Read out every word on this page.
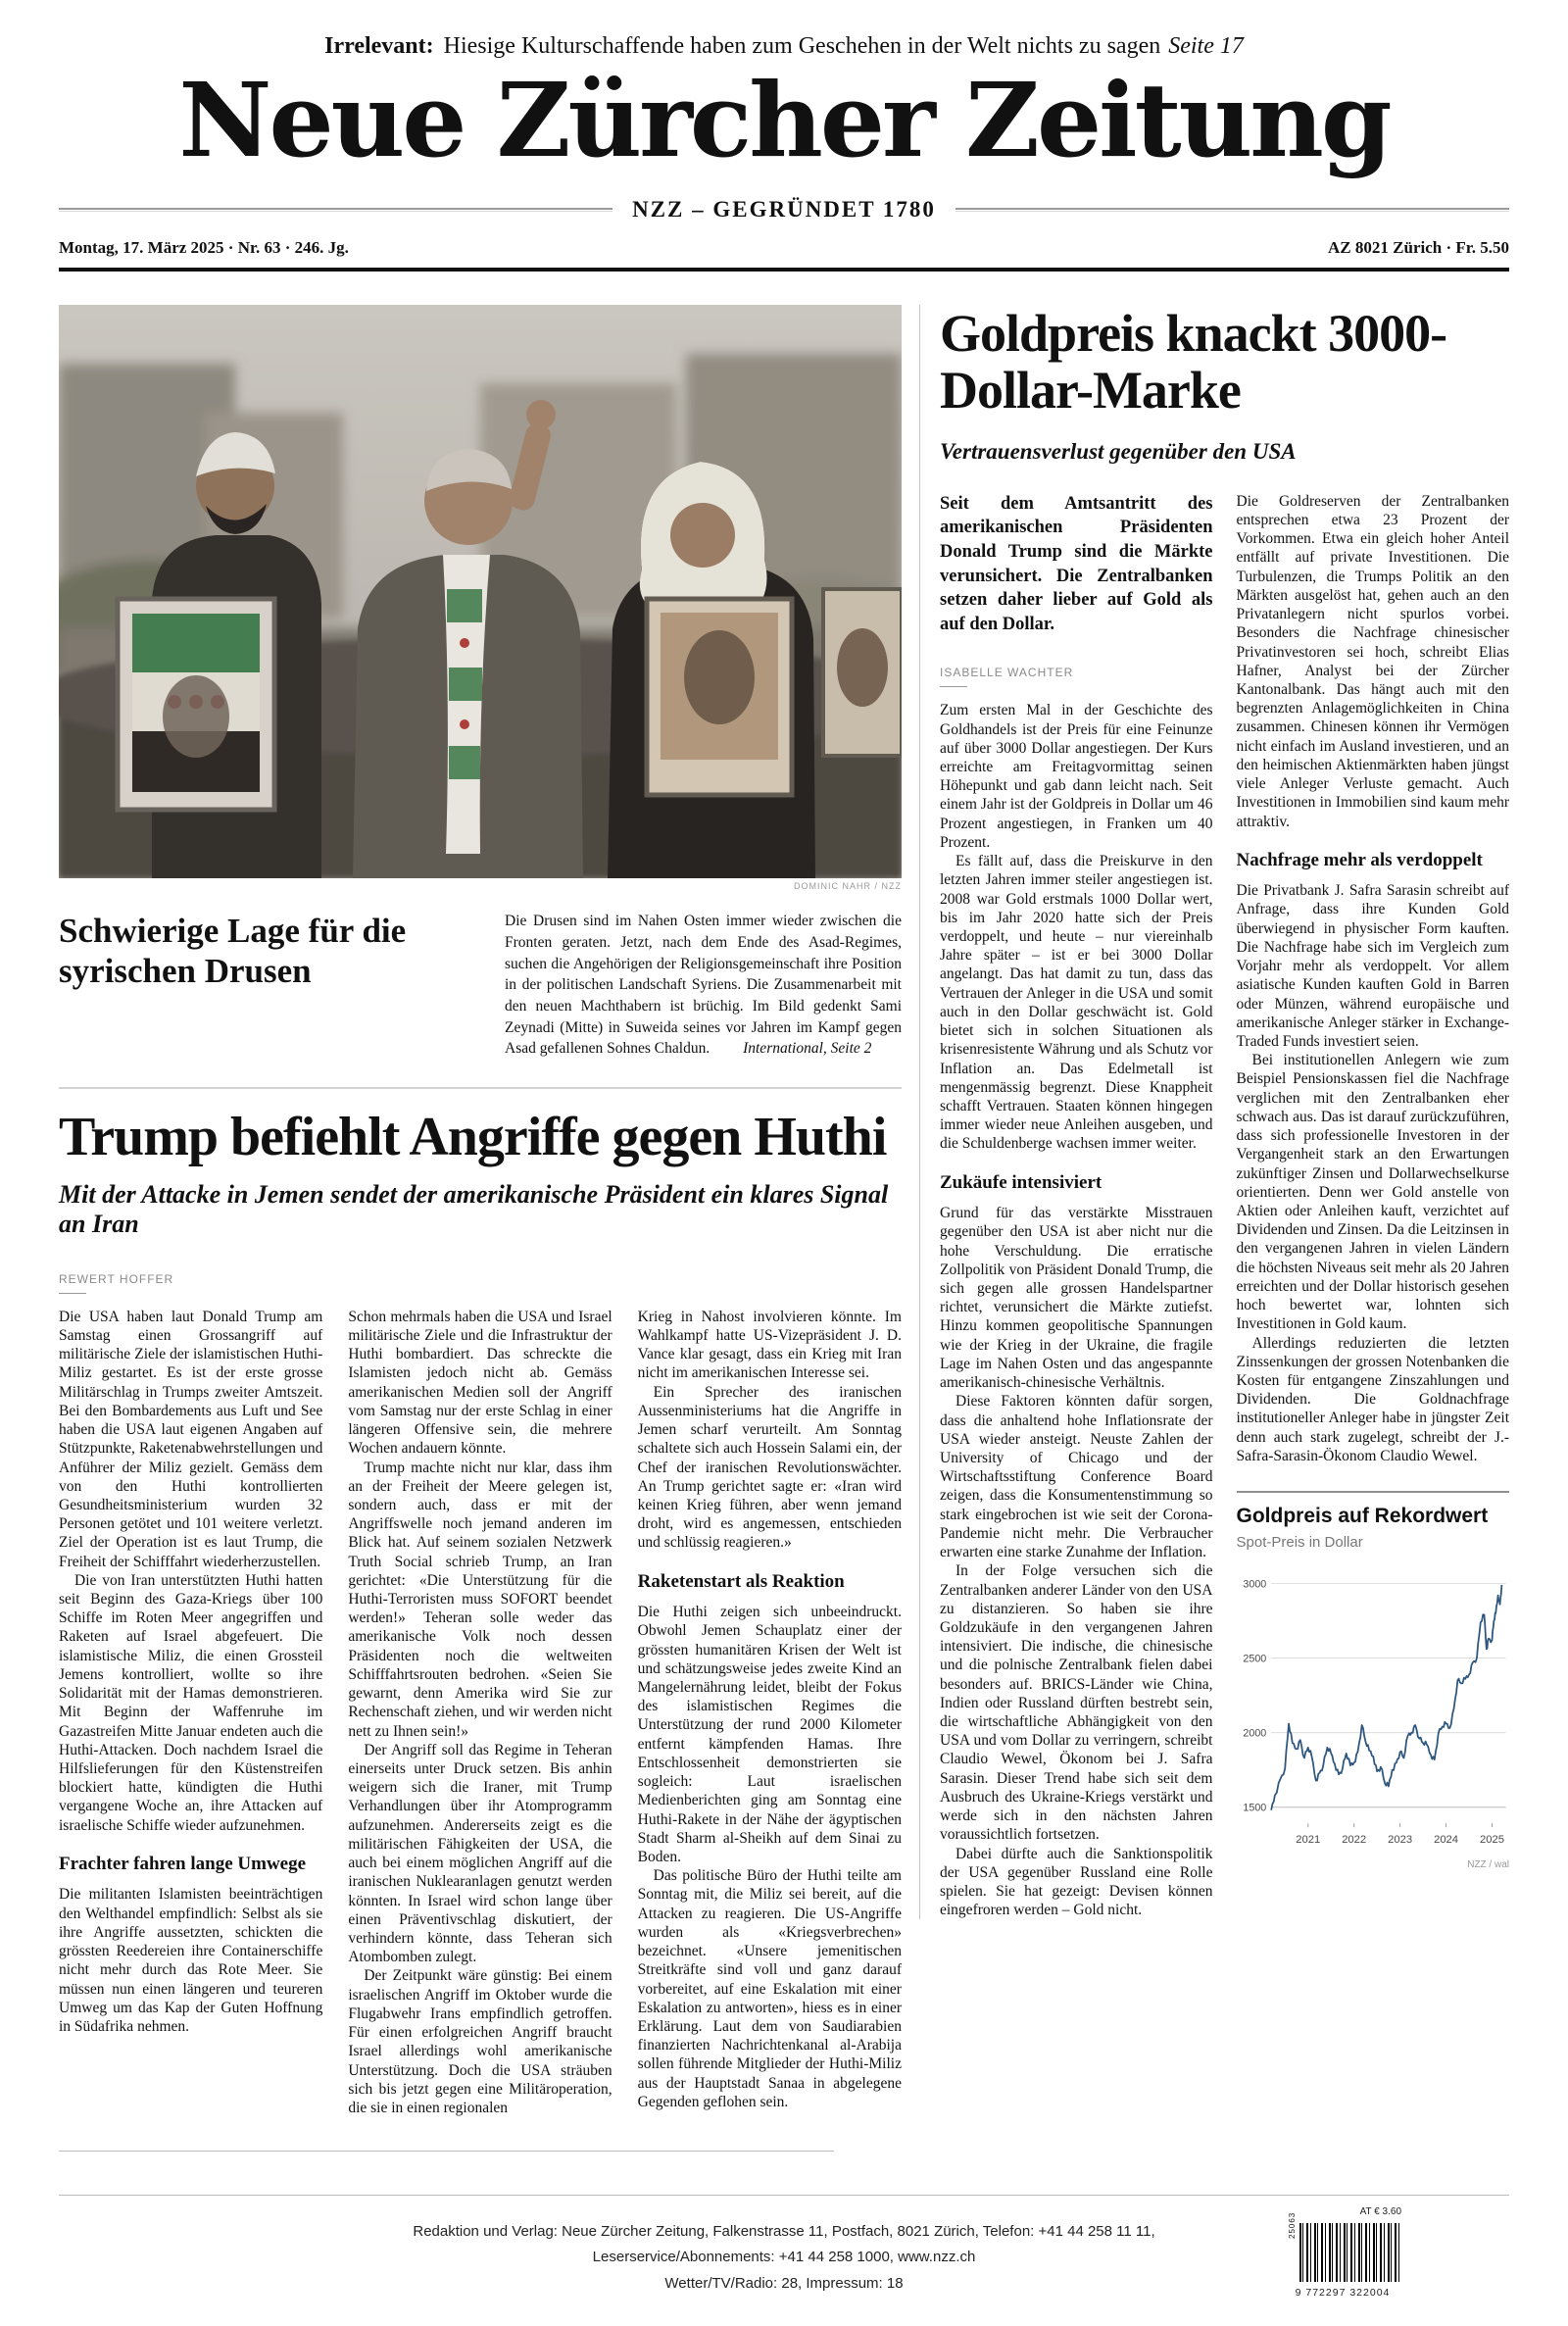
Irrelevant: Hiesige Kulturschaffende haben zum Geschehen in der Welt nichts zu sagen Seite 17
Neue Zürcher Zeitung
NZZ – GEGRÜNDET 1780
Montag, 17. März 2025 · Nr. 63 · 246. Jg.	AZ 8021 Zürich · Fr. 5.50
DOMINIC NAHR / NZZ
Schwierige Lage für die syrischen Drusen
Die Drusen sind im Nahen Osten immer wieder zwischen die Fronten geraten. Jetzt, nach dem Ende des Asad-Regimes, suchen die Angehörigen der Religionsgemeinschaft ihre Position in der politischen Landschaft Syriens. Die Zusammenarbeit mit den neuen Machthabern ist brüchig. Im Bild gedenkt Sami Zeynadi (Mitte) in Suweida seines vor Jahren im Kampf gegen Asad gefallenen Sohnes Chaldun. International, Seite 2
Trump befiehlt Angriffe gegen Huthi
Mit der Attacke in Jemen sendet der amerikanische Präsident ein klares Signal an Iran
REWERT HOFFER

Die USA haben laut Donald Trump am Samstag einen Grossangriff auf militärische Ziele der islamistischen Huthi-Miliz gestartet. Es ist der erste grosse Militärschlag in Trumps zweiter Amtszeit. Bei den Bombardements aus Luft und See haben die USA laut eigenen Angaben auf Stützpunkte, Raketenabwehrstellungen und Anführer der Miliz gezielt. Gemäss dem von den Huthi kontrollierten Gesundheitsministerium wurden 32 Personen getötet und 101 weitere verletzt. Ziel der Operation ist es laut Trump, die Freiheit der Schifffahrt wiederherzustellen.

Die von Iran unterstützten Huthi hatten seit Beginn des Gaza-Kriegs über 100 Schiffe im Roten Meer angegriffen und Raketen auf Israel abgefeuert. Die islamistische Miliz, die einen Grossteil Jemens kontrolliert, wollte so ihre Solidarität mit der Hamas demonstrieren. Mit Beginn der Waffenruhe im Gazastreifen Mitte Januar endeten auch die Huthi-Attacken. Doch nachdem Israel die Hilfslieferungen für den Küstenstreifen blockiert hatte, kündigten die Huthi vergangene Woche an, ihre Attacken auf israelische Schiffe wieder aufzunehmen.

Frachter fahren lange Umwege

Die militanten Islamisten beeinträchtigen den Welthandel empfindlich: Selbst als sie ihre Angriffe aussetzten, schickten die grössten Reedereien ihre Containerschiffe nicht mehr durch das Rote Meer. Sie müssen nun einen längeren und teureren Umweg um das Kap der Guten Hoffnung in Südafrika nehmen.

Schon mehrmals haben die USA und Israel militärische Ziele und die Infrastruktur der Huthi bombardiert. Das schreckte die Islamisten jedoch nicht ab. Gemäss amerikanischen Medien soll der Angriff vom Samstag nur der erste Schlag in einer längeren Offensive sein, die mehrere Wochen andauern könnte.

Trump machte nicht nur klar, dass ihm an der Freiheit der Meere gelegen ist, sondern auch, dass er mit der Angriffswelle noch jemand anderen im Blick hat. Auf seinem sozialen Netzwerk Truth Social schrieb Trump, an Iran gerichtet: «Die Unterstützung für die Huthi-Terroristen muss SOFORT beendet werden!» Teheran solle weder das amerikanische Volk noch dessen Präsidenten noch die weltweiten Schifffahrtsrouten bedrohen. «Seien Sie gewarnt, denn Amerika wird Sie zur Rechenschaft ziehen, und wir werden nicht nett zu Ihnen sein!»

Der Angriff soll das Regime in Teheran einerseits unter Druck setzen. Bis anhin weigern sich die Iraner, mit Trump Verhandlungen über ihr Atomprogramm aufzunehmen. Andererseits zeigt es die militärischen Fähigkeiten der USA, die auch bei einem möglichen Angriff auf die iranischen Nuklearanlagen genutzt werden könnten. In Israel wird schon lange über einen Präventivschlag diskutiert, der verhindern könnte, dass Teheran sich Atombomben zulegt.

Der Zeitpunkt wäre günstig: Bei einem israelischen Angriff im Oktober wurde die Flugabwehr Irans empfindlich getroffen. Für einen erfolgreichen Angriff braucht Israel allerdings wohl amerikanische Unterstützung. Doch die USA sträuben sich bis jetzt gegen eine Militäroperation, die sie in einen regionalen

Krieg in Nahost involvieren könnte. Im Wahlkampf hatte US-Vizepräsident J. D. Vance klar gesagt, dass ein Krieg mit Iran nicht im amerikanischen Interesse sei.

Ein Sprecher des iranischen Aussenministeriums hat die Angriffe in Jemen scharf verurteilt. Am Sonntag schaltete sich auch Hossein Salami ein, der Chef der iranischen Revolutionswächter. An Trump gerichtet sagte er: «Iran wird keinen Krieg führen, aber wenn jemand droht, wird es angemessen, entschieden und schlüssig reagieren.»

Raketenstart als Reaktion

Die Huthi zeigen sich unbeeindruckt. Obwohl Jemen Schauplatz einer der grössten humanitären Krisen der Welt ist und schätzungsweise jedes zweite Kind an Mangelernährung leidet, bleibt der Fokus des islamistischen Regimes die Unterstützung der rund 2000 Kilometer entfernt kämpfenden Hamas. Ihre Entschlossenheit demonstrierten sie sogleich: Laut israelischen Medienberichten ging am Sonntag eine Huthi-Rakete in der Nähe der ägyptischen Stadt Sharm al-Sheikh auf dem Sinai zu Boden.

Das politische Büro der Huthi teilte am Sonntag mit, die Miliz sei bereit, auf die Attacken zu reagieren. Die US-Angriffe wurden als «Kriegsverbrechen» bezeichnet. «Unsere jemenitischen Streitkräfte sind voll und ganz darauf vorbereitet, auf eine Eskalation mit einer Eskalation zu antworten», hiess es in einer Erklärung. Laut dem von Saudiarabien finanzierten Nachrichtenkanal al-Arabija sollen führende Mitglieder der Huthi-Miliz aus der Hauptstadt Sanaa in abgelegene Gegenden geflohen sein.

Goldpreis knackt 3000-Dollar-Marke
Vertrauensverlust gegenüber den USA
Seit dem Amtsantritt des amerikanischen Präsidenten Donald Trump sind die Märkte verunsichert. Die Zentralbanken setzen daher lieber auf Gold als auf den Dollar.
ISABELLE WACHTER

Zum ersten Mal in der Geschichte des Goldhandels ist der Preis für eine Feinunze auf über 3000 Dollar angestiegen. Der Kurs erreichte am Freitagvormittag seinen Höhepunkt und gab dann leicht nach. Seit einem Jahr ist der Goldpreis in Dollar um 46 Prozent angestiegen, in Franken um 40 Prozent.

Es fällt auf, dass die Preiskurve in den letzten Jahren immer steiler angestiegen ist. 2008 war Gold erstmals 1000 Dollar wert, bis im Jahr 2020 hatte sich der Preis verdoppelt, und heute – nur viereinhalb Jahre später – ist er bei 3000 Dollar angelangt. Das hat damit zu tun, dass das Vertrauen der Anleger in die USA und somit auch in den Dollar geschwächt ist. Gold bietet sich in solchen Situationen als krisenresistente Währung und als Schutz vor Inflation an. Das Edelmetall ist mengenmässig begrenzt. Diese Knappheit schafft Vertrauen. Staaten können hingegen immer wieder neue Anleihen ausgeben, und die Schuldenberge wachsen immer weiter.

Zukäufe intensiviert

Grund für das verstärkte Misstrauen gegenüber den USA ist aber nicht nur die hohe Verschuldung. Die erratische Zollpolitik von Präsident Donald Trump, die sich gegen alle grossen Handelspartner richtet, verunsichert die Märkte zutiefst. Hinzu kommen geopolitische Spannungen wie der Krieg in der Ukraine, die fragile Lage im Nahen Osten und das angespannte amerikanisch-chinesische Verhältnis.

Diese Faktoren könnten dafür sorgen, dass die anhaltend hohe Inflationsrate der USA wieder ansteigt. Neuste Zahlen der University of Chicago und der Wirtschaftsstiftung Conference Board zeigen, dass die Konsumentenstimmung so stark eingebrochen ist wie seit der Corona-Pandemie nicht mehr. Die Verbraucher erwarten eine starke Zunahme der Inflation.

In der Folge versuchen sich die Zentralbanken anderer Länder von den USA zu distanzieren. So haben sie ihre Goldzukäufe in den vergangenen Jahren intensiviert. Die indische, die chinesische und die polnische Zentralbank fielen dabei besonders auf. BRICS-Länder wie China, Indien oder Russland dürften bestrebt sein, die wirtschaftliche Abhängigkeit von den USA und vom Dollar zu verringern, schreibt Claudio Wewel, Ökonom bei J. Safra Sarasin. Dieser Trend habe sich seit dem Ausbruch des Ukraine-Kriegs verstärkt und werde sich in den nächsten Jahren voraussichtlich fortsetzen.

Dabei dürfte auch die Sanktionspolitik der USA gegenüber Russland eine Rolle spielen. Sie hat gezeigt: Devisen können eingefroren werden – Gold nicht.

Die Goldreserven der Zentralbanken entsprechen etwa 23 Prozent der Vorkommen. Etwa ein gleich hoher Anteil entfällt auf private Investitionen. Die Turbulenzen, die Trumps Politik an den Märkten ausgelöst hat, gehen auch an den Privatanlegern nicht spurlos vorbei. Besonders die Nachfrage chinesischer Privatinvestoren sei hoch, schreibt Elias Hafner, Analyst bei der Zürcher Kantonalbank. Das hängt auch mit den begrenzten Anlagemöglichkeiten in China zusammen. Chinesen können ihr Vermögen nicht einfach im Ausland investieren, und an den heimischen Aktienmärkten haben jüngst viele Anleger Verluste gemacht. Auch Investitionen in Immobilien sind kaum mehr attraktiv.

Nachfrage mehr als verdoppelt

Die Privatbank J. Safra Sarasin schreibt auf Anfrage, dass ihre Kunden Gold überwiegend in physischer Form kauften. Die Nachfrage habe sich im Vergleich zum Vorjahr mehr als verdoppelt. Vor allem asiatische Kunden kauften Gold in Barren oder Münzen, während europäische und amerikanische Anleger stärker in Exchange-Traded Funds investiert seien.

Bei institutionellen Anlegern wie zum Beispiel Pensionskassen fiel die Nachfrage verglichen mit den Zentralbanken eher schwach aus. Das ist darauf zurückzuführen, dass sich professionelle Investoren in der Vergangenheit stark an den Erwartungen zukünftiger Zinsen und Dollarwechselkurse orientierten. Denn wer Gold anstelle von Aktien oder Anleihen kauft, verzichtet auf Dividenden und Zinsen. Da die Leitzinsen in den vergangenen Jahren in vielen Ländern die höchsten Niveaus seit mehr als 20 Jahren erreichten und der Dollar historisch gesehen hoch bewertet war, lohnten sich Investitionen in Gold kaum.

Allerdings reduzierten die letzten Zinssenkungen der grossen Notenbanken die Kosten für entgangene Zinszahlungen und Dividenden. Die Goldnachfrage institutioneller Anleger habe in jüngster Zeit denn auch stark zugelegt, schreibt der J.-Safra-Sarasin-Ökonom Claudio Wewel.

Goldpreis auf Rekordwert
Spot-Preis in Dollar
1500
2000
2500
3000
2021 2022 2023 2024 2025
NZZ / wal
Redaktion und Verlag: Neue Zürcher Zeitung, Falkenstrasse 11, Postfach, 8021 Zürich, Telefon: +41 44 258 11 11,
Leserservice/Abonnements: +41 44 258 1000, www.nzz.ch
Wetter/TV/Radio: 28, Impressum: 18
AT € 3.60
25063
9 772297 322004
